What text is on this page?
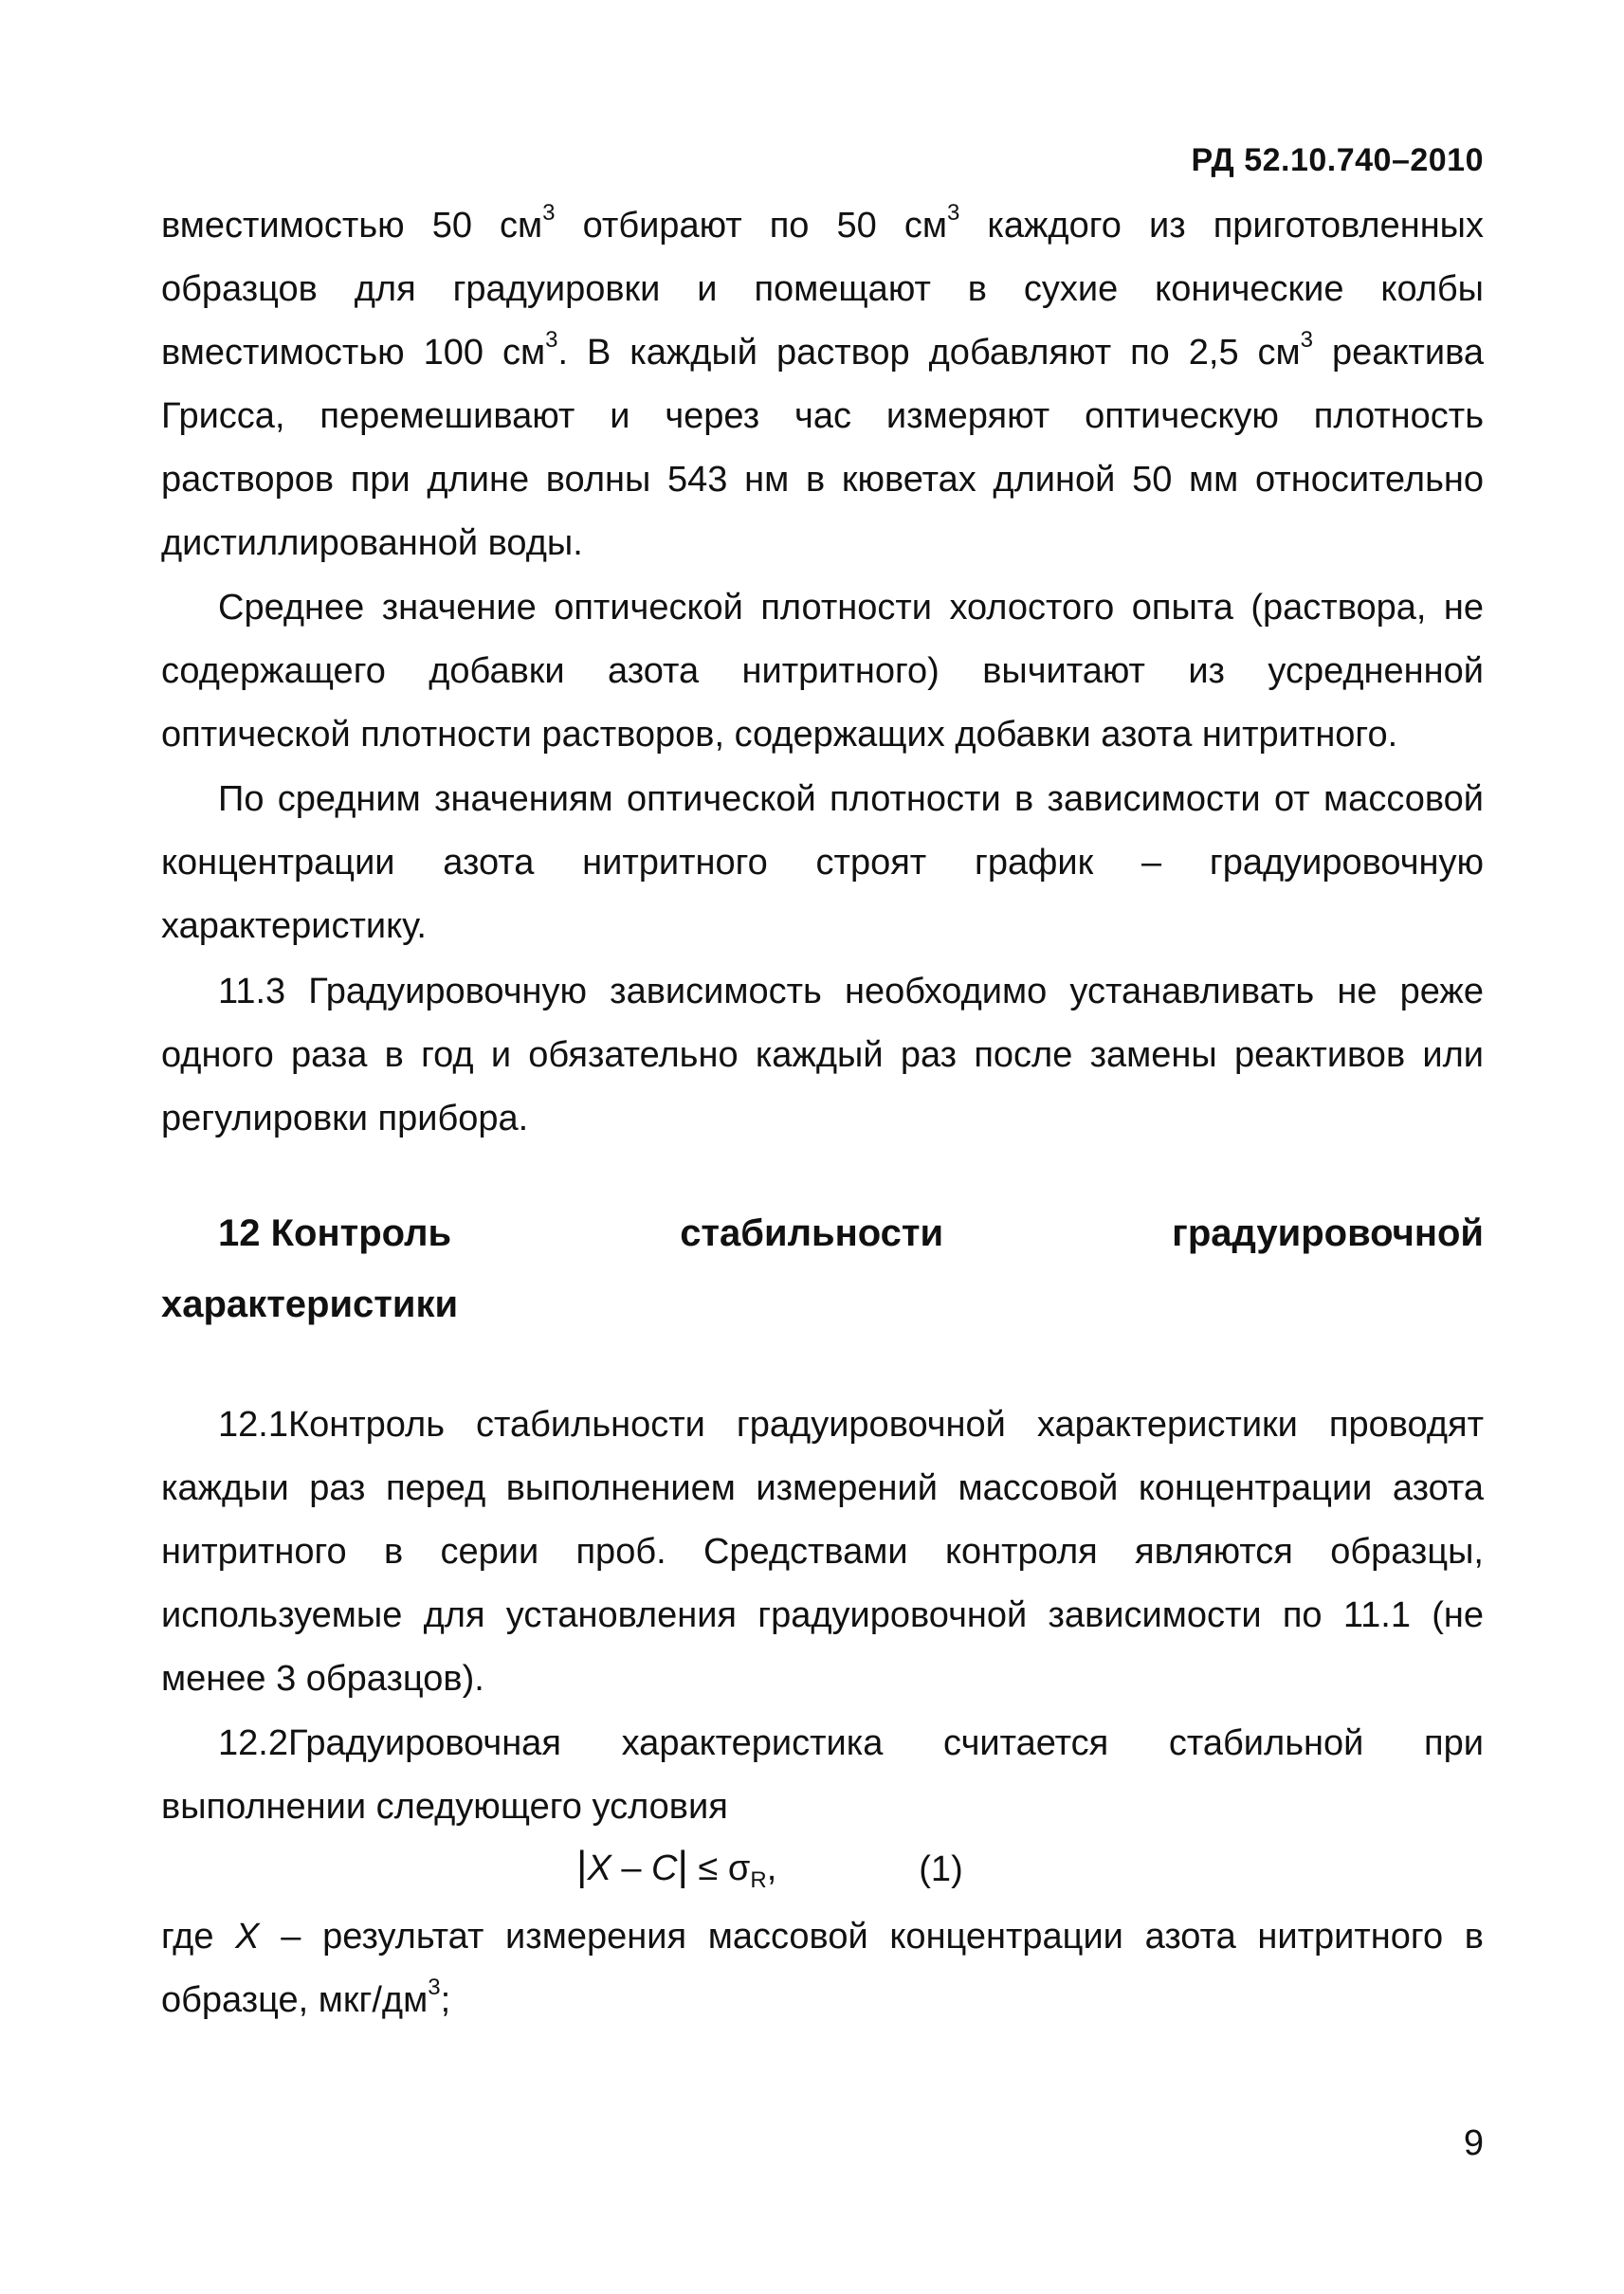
РД 52.10.740–2010

вместимостью 50 $см^3$ отбирают по 50 $см^3$ каждого из приготовленных образцов для градуировки и помещают в сухие конические колбы вместимостью 100 $см^3$. В каждый раствор добавляют по 2,5 $см^3$ реактива Грисса, перемешивают и через час измеряют оптическую плотность растворов при длине волны 543 нм в кюветах длиной 50 мм относительно дистиллированной воды.

Среднее значение оптической плотности холостого опыта (раствора, не содержащего добавки азота нитритного) вычитают из усредненной оптической плотности растворов, содержащих добавки азота нитритного.

По средним значениям оптической плотности в зависимости от массовой концентрации азота нитритного строят график – градуировочную характеристику.

11.3 Градуировочную зависимость необходимо устанавливать не реже одного раза в год и обязательно каждый раз после замены реактивов или регулировки прибора.

12 Контроль	стабильности	градуировочной
характеристики

12.1Контроль стабильности градуировочной характеристики проводят каждыи раз перед выполнением измерений массовой концентрации азота нитритного в серии проб. Средствами контроля являются образцы, используемые для установления градуировочной зависимости по 11.1 (не менее 3 образцов).

12.2Градуировочная характеристика считается стабильной при выполнении следующего условия

$|X - C| \le \sigma_R$,	(1)

где X – результат измерения массовой концентрации азота нитритного в образце, мкг/$дм^3$;

9
